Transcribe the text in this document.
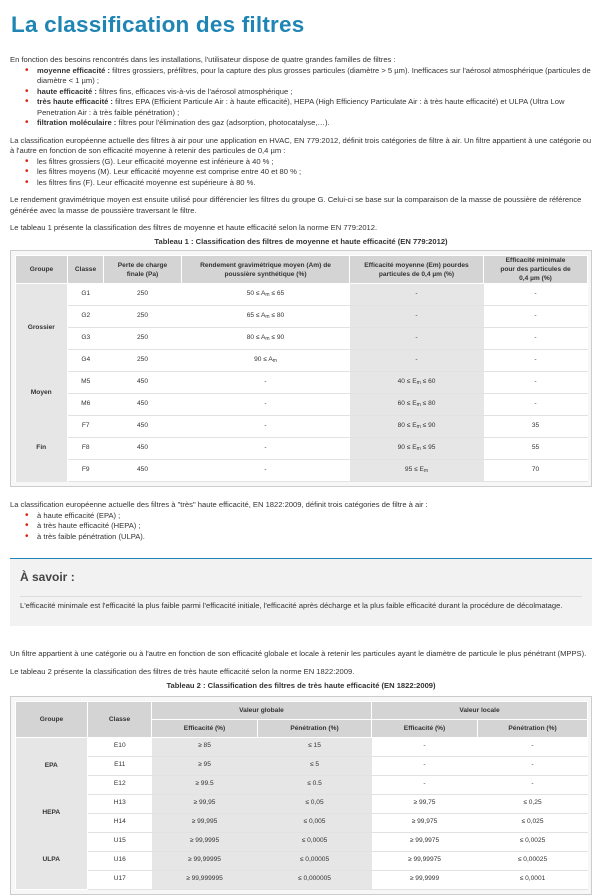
La classification des filtres

En fonction des besoins rencontrés dans les installations, l'utilisateur dispose de quatre grandes familles de filtres :

• moyenne efficacité : filtres grossiers, préfiltres, pour la capture des plus grosses particules (diamètre > 5 µm). Inefficaces sur l'aérosol atmosphérique (particules de diamètre < 1 µm) ;
• haute efficacité : filtres fins, efficaces vis-à-vis de l'aérosol atmosphérique ;
• très haute efficacité : filtres EPA (Efficient Particule Air : à haute efficacité), HEPA (High Efficiency Particulate Air : à très haute efficacité) et ULPA (Ultra Low Penetration Air : à très faible pénétration) ;
• filtration moléculaire : filtres pour l'élimination des gaz (adsorption, photocatalyse,…).

La classification européenne actuelle des filtres à air pour une application en HVAC, EN 779:2012, définit trois catégories de filtre à air. Un filtre appartient à une catégorie ou à l'autre en fonction de son efficacité moyenne à retenir des particules de 0,4 µm :

• les filtres grossiers (G). Leur efficacité moyenne est inférieure à 40 % ;
• les filtres moyens (M). Leur efficacité moyenne est comprise entre 40 et 80 % ;
• les filtres fins (F). Leur efficacité moyenne est supérieure à 80 %.

Le rendement gravimétrique moyen est ensuite utilisé pour différencier les filtres du groupe G. Celui-ci se base sur la comparaison de la masse de poussière de référence générée avec la masse de poussière traversant le filtre.

Le tableau 1 présente la classification des filtres de moyenne et haute efficacité selon la norme EN 779:2012.

Tableau 1 : Classification des filtres de moyenne et haute efficacité (EN 779:2012)
Groupe	Classe	Perte de charge finale (Pa)	Rendement gravimétrique moyen (Am) de poussière synthétique (%)	Efficacité moyenne (Em) pourdes particules de 0,4 µm (%)	Efficacité minimale pour des particules de 0,4 µm (%)
Grossier	G1	250	$50 \le A_m \le 65$	-	-
	G2	250	$65 \le A_m \le 80$	-	-
	G3	250	$80 \le A_m \le 90$	-	-
	G4	250	$90 \le A_m$	-	-
Moyen	M5	450	-	$40 \le E_m \le 60$	-
	M6	450	-	$60 \le E_m \le 80$	-
Fin	F7	450	-	$80 \le E_m \le 90$	35
	F8	450	-	$90 \le E_m \le 95$	55
	F9	450	-	$95 \le E_m$	70

La classification européenne actuelle des filtres à "très" haute efficacité, EN 1822:2009, définit trois catégories de filtre à air :

• à haute efficacité (EPA) ;
• à très haute efficacité (HEPA) ;
• à très faible pénétration (ULPA).
À savoir :

L'efficacité minimale est l'efficacité la plus faible parmi l'efficacité initiale, l'efficacité après décharge et la plus faible efficacité durant la procédure de décolmatage.

Un filtre appartient à une catégorie ou à l'autre en fonction de son efficacité globale et locale à retenir les particules ayant le diamètre de particule le plus pénétrant (MPPS).

Le tableau 2 présente la classification des filtres de très haute efficacité selon la norme EN 1822:2009.

Tableau 2 : Classification des filtres de très haute efficacité (EN 1822:2009)
Groupe	Classe	Valeur globale		Valeur locale	
		Efficacité (%)	Pénétration (%)	Efficacité (%)	Pénétration (%)
EPA	E10	≥ 85	≤ 15	-	-
	E11	≥ 95	≤ 5	-	-
	E12	≥ 99.5	≤ 0.5	-	-
HEPA	H13	≥ 99,95	≤ 0,05	≥ 99,75	≤ 0,25
	H14	≥ 99,995	≤ 0,005	≥ 99,975	≤ 0,025
ULPA	U15	≥ 99,9995	≤ 0,0005	≥ 99,9975	≤ 0,0025
	U16	≥ 99,99995	≤ 0,00005	≥ 99,99975	≤ 0,00025
	U17	≥ 99,999995	≤ 0,000005	≥ 99,9999	≤ 0,0001
